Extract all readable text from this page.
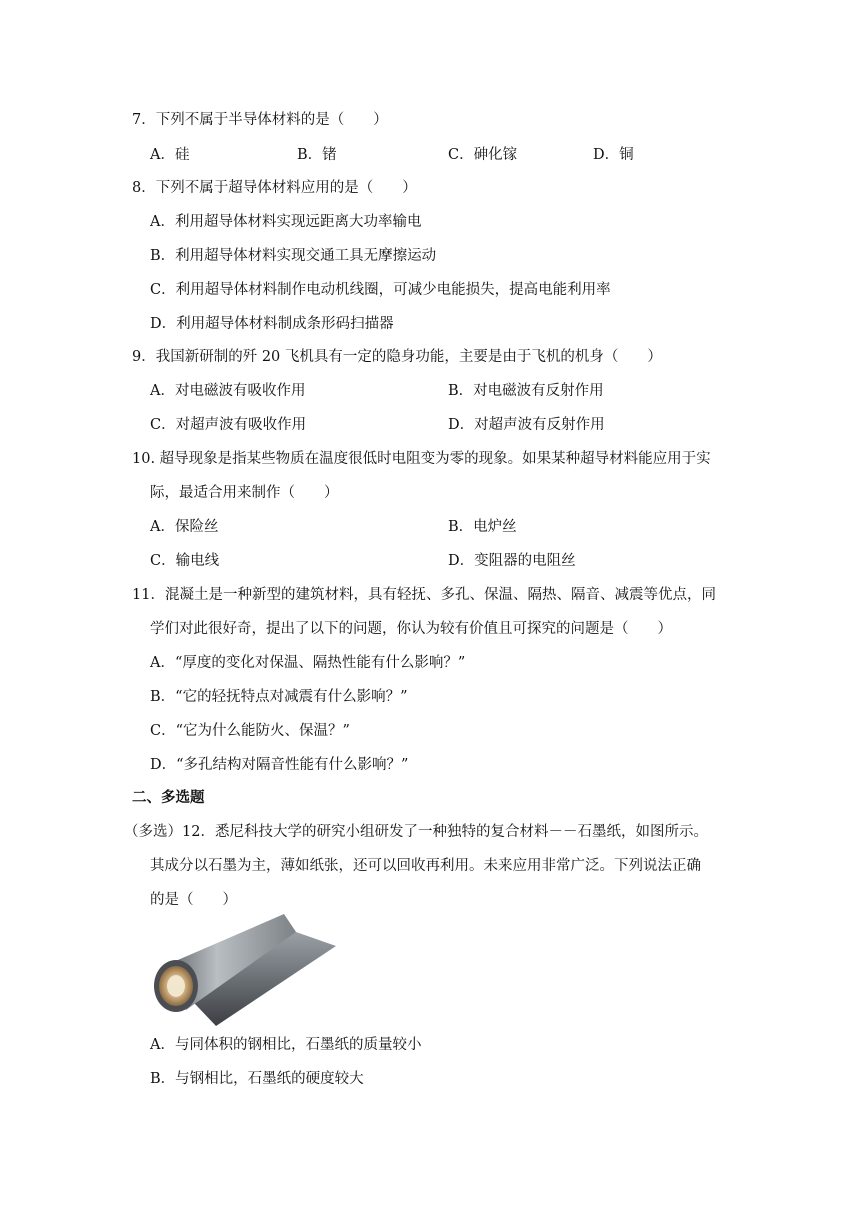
7．下列不属于半导体材料的是（　　）
A．硅	B．锗	C．砷化镓	D．铜
8．下列不属于超导体材料应用的是（　　）
A．利用超导体材料实现远距离大功率输电
B．利用超导体材料实现交通工具无摩擦运动
C．利用超导体材料制作电动机线圈，可减少电能损失，提高电能利用率
D．利用超导体材料制成条形码扫描器
9．我国新研制的歼 20 飞机具有一定的隐身功能，主要是由于飞机的机身（　　）
A．对电磁波有吸收作用	B．对电磁波有反射作用
C．对超声波有吸收作用	D．对超声波有反射作用
10. 超导现象是指某些物质在温度很低时电阻变为零的现象。如果某种超导材料能应用于实
际，最适合用来制作（　　）
A．保险丝	B．电炉丝
C．输电线	D．变阻器的电阻丝
11．混凝土是一种新型的建筑材料，具有轻抚、多孔、保温、隔热、隔音、减震等优点，同
学们对此很好奇，提出了以下的问题，你认为较有价值且可探究的问题是（　　）
A．“厚度的变化对保温、隔热性能有什么影响？”
B．“它的轻抚特点对减震有什么影响？”
C．“它为什么能防火、保温？”
D．“多孔结构对隔音性能有什么影响？”
二、多选题
（多选）12．悉尼科技大学的研究小组研发了一种独特的复合材料－－石墨纸，如图所示。
其成分以石墨为主，薄如纸张，还可以回收再利用。未来应用非常广泛。下列说法正确
的是（　　）
A．与同体积的钢相比，石墨纸的质量较小
B．与钢相比，石墨纸的硬度较大
